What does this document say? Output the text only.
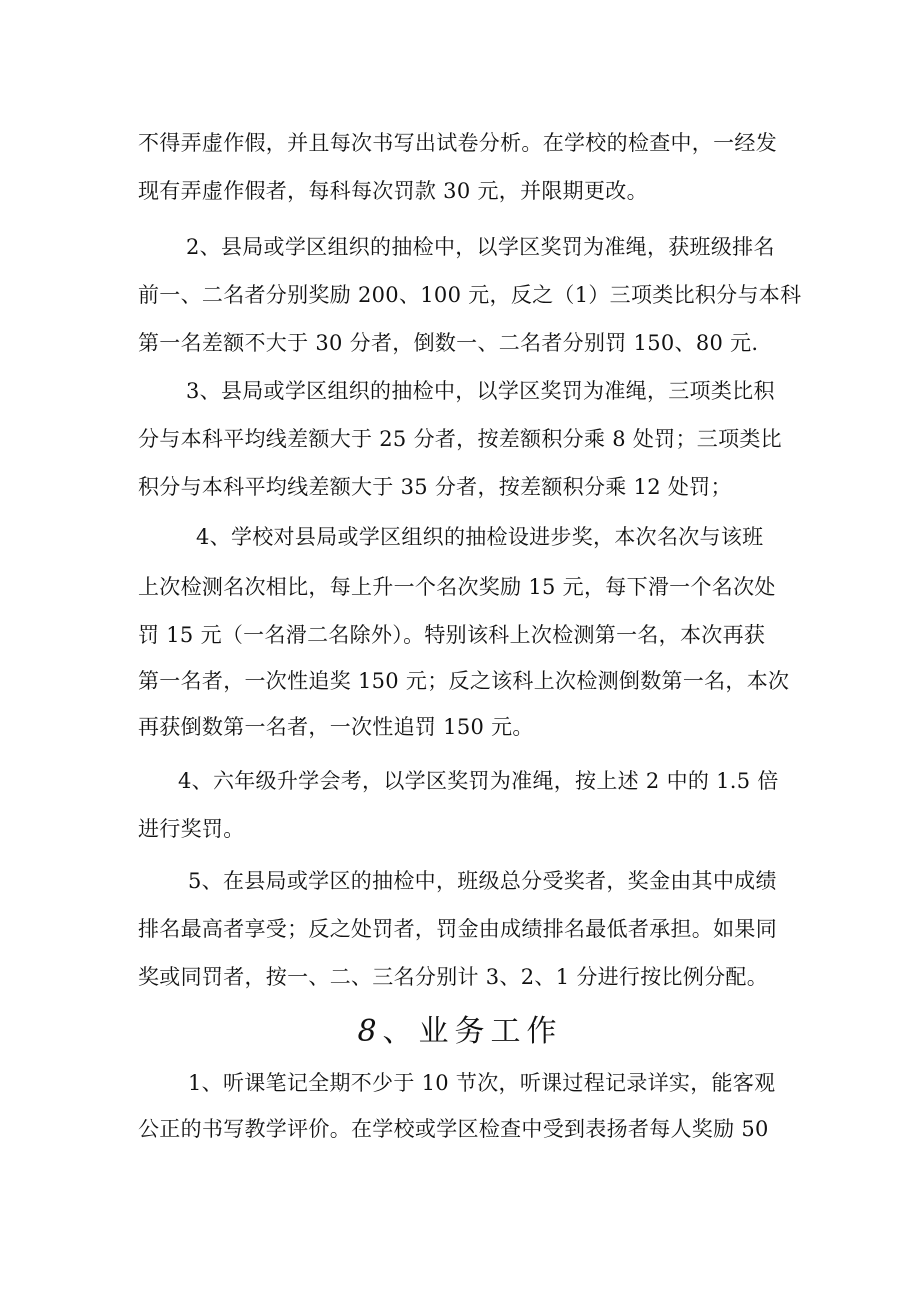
不得弄虚作假，并且每次书写出试卷分析。在学校的检查中，一经发
现有弄虚作假者，每科每次罚款 30 元，并限期更改。
2、县局或学区组织的抽检中，以学区奖罚为准绳，获班级排名
前一、二名者分别奖励 200、100 元，反之（1）三项类比积分与本科
第一名差额不大于 30 分者，倒数一、二名者分别罚 150、80 元.
3、县局或学区组织的抽检中，以学区奖罚为准绳，三项类比积
分与本科平均线差额大于 25 分者，按差额积分乘 8 处罚；三项类比
积分与本科平均线差额大于 35 分者，按差额积分乘 12 处罚；
4、学校对县局或学区组织的抽检设进步奖，本次名次与该班
上次检测名次相比，每上升一个名次奖励 15 元，每下滑一个名次处
罚 15 元（一名滑二名除外）。特别该科上次检测第一名，本次再获
第一名者，一次性追奖 150 元；反之该科上次检测倒数第一名，本次
再获倒数第一名者，一次性追罚 150 元。
4、六年级升学会考，以学区奖罚为准绳，按上述 2 中的 1.5 倍
进行奖罚。
5、在县局或学区的抽检中，班级总分受奖者，奖金由其中成绩
排名最高者享受；反之处罚者，罚金由成绩排名最低者承担。如果同
奖或同罚者，按一、二、三名分别计 3、2、1 分进行按比例分配。
8、业务工作
1、听课笔记全期不少于 10 节次，听课过程记录详实，能客观
公正的书写教学评价。在学校或学区检查中受到表扬者每人奖励 50
